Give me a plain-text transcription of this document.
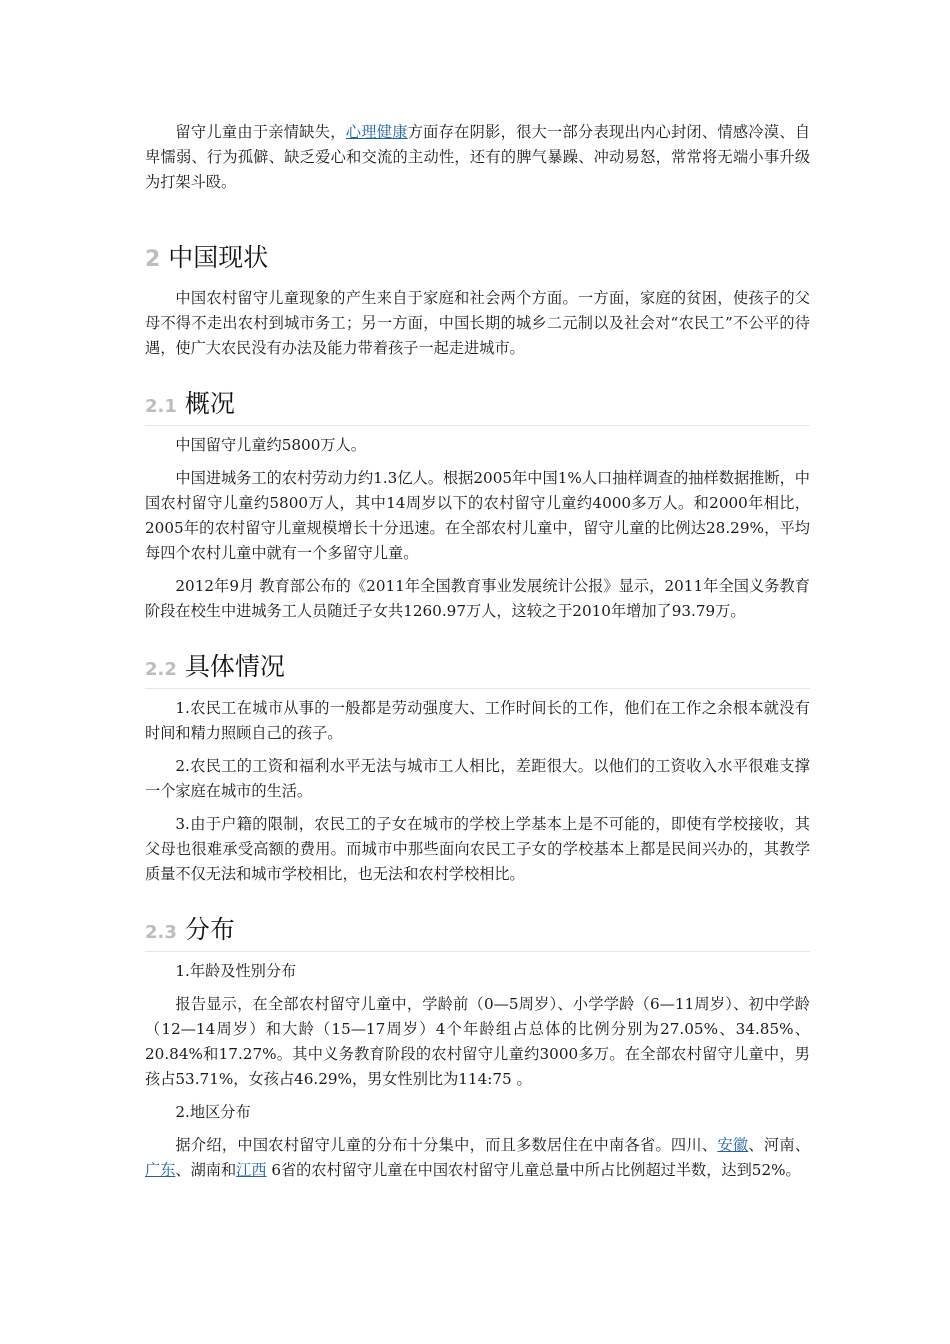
留守儿童由于亲情缺失，心理健康方面存在阴影，很大一部分表现出内心封闭、情感冷漠、自卑懦弱、行为孤僻、缺乏爱心和交流的主动性，还有的脾气暴躁、冲动易怒，常常将无端小事升级为打架斗殴。

2 中国现状

中国农村留守儿童现象的产生来自于家庭和社会两个方面。一方面，家庭的贫困，使孩子的父母不得不走出农村到城市务工；另一方面，中国长期的城乡二元制以及社会对“农民工”不公平的待遇，使广大农民没有办法及能力带着孩子一起走进城市。

2.1 概况

中国留守儿童约5800万人。

中国进城务工的农村劳动力约1.3亿人。根据2005年中国1%人口抽样调查的抽样数据推断，中国农村留守儿童约5800万人，其中14周岁以下的农村留守儿童约4000多万人。和2000年相比，2005年的农村留守儿童规模增长十分迅速。在全部农村儿童中，留守儿童的比例达28.29%，平均每四个农村儿童中就有一个多留守儿童。

2012年9月 教育部公布的《2011年全国教育事业发展统计公报》显示，2011年全国义务教育阶段在校生中进城务工人员随迁子女共1260.97万人，这较之于2010年增加了93.79万。

2.2 具体情况

1.农民工在城市从事的一般都是劳动强度大、工作时间长的工作，他们在工作之余根本就没有时间和精力照顾自己的孩子。

2.农民工的工资和福利水平无法与城市工人相比，差距很大。以他们的工资收入水平很难支撑一个家庭在城市的生活。

3.由于户籍的限制，农民工的子女在城市的学校上学基本上是不可能的，即使有学校接收，其父母也很难承受高额的费用。而城市中那些面向农民工子女的学校基本上都是民间兴办的，其教学质量不仅无法和城市学校相比，也无法和农村学校相比。

2.3 分布

1.年龄及性别分布

报告显示，在全部农村留守儿童中，学龄前（0—5周岁）、小学学龄（6—11周岁）、初中学龄（12—14周岁）和大龄（15—17周岁）4个年龄组占总体的比例分别为27.05%、34.85%、20.84%和17.27%。其中义务教育阶段的农村留守儿童约3000多万。在全部农村留守儿童中，男孩占53.71%，女孩占46.29%，男女性别比为114:75 。

2.地区分布

据介绍，中国农村留守儿童的分布十分集中，而且多数居住在中南各省。四川、安徽、河南、广东、湖南和江西 6省的农村留守儿童在中国农村留守儿童总量中所占比例超过半数，达到52%。
